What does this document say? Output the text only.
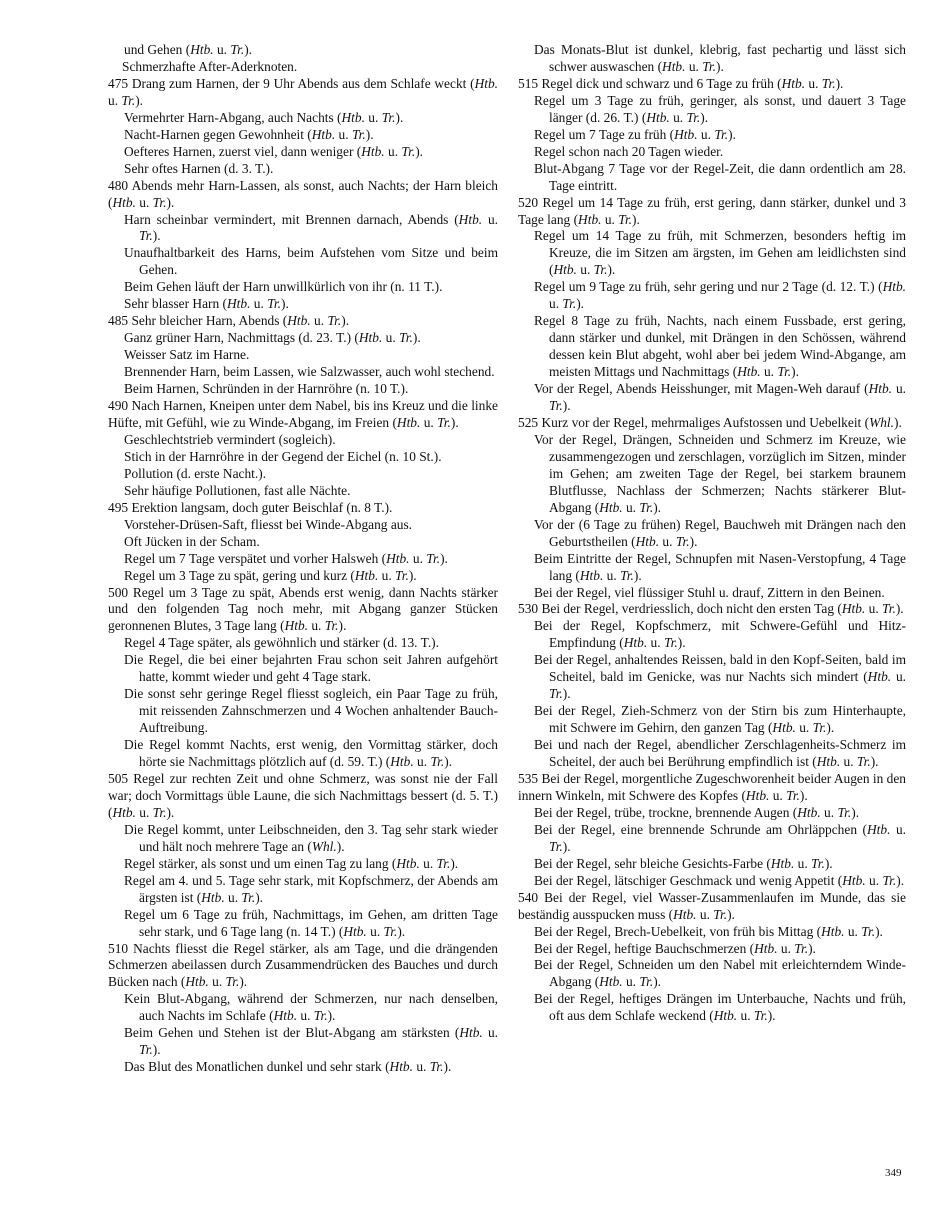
und Gehen (Htb. u. Tr.).
Schmerzhafte After-Aderknoten.
475 Drang zum Harnen, der 9 Uhr Abends aus dem Schlafe weckt (Htb. u. Tr.).
Vermehrter Harn-Abgang, auch Nachts (Htb. u. Tr.).
Nacht-Harnen gegen Gewohnheit (Htb. u. Tr.).
Oefteres Harnen, zuerst viel, dann weniger (Htb. u. Tr.).
Sehr oftes Harnen (d. 3. T.).
480 Abends mehr Harn-Lassen, als sonst, auch Nachts; der Harn bleich (Htb. u. Tr.).
Harn scheinbar vermindert, mit Brennen darnach, Abends (Htb. u. Tr.).
Unaufhaltbarkeit des Harns, beim Aufstehen vom Sitze und beim Gehen.
Beim Gehen läuft der Harn unwillkürlich von ihr (n. 11 T.).
Sehr blasser Harn (Htb. u. Tr.).
485 Sehr bleicher Harn, Abends (Htb. u. Tr.).
Ganz grüner Harn, Nachmittags (d. 23. T.) (Htb. u. Tr.).
Weisser Satz im Harne.
Brennender Harn, beim Lassen, wie Salzwasser, auch wohl stechend.
Beim Harnen, Schründen in der Harnröhre (n. 10 T.).
490 Nach Harnen, Kneipen unter dem Nabel, bis ins Kreuz und die linke Hüfte, mit Gefühl, wie zu Winde-Abgang, im Freien (Htb. u. Tr.).
Geschlechtstrieb vermindert (sogleich).
Stich in der Harnröhre in der Gegend der Eichel (n. 10 St.).
Pollution (d. erste Nacht.).
Sehr häufige Pollutionen, fast alle Nächte.
495 Erektion langsam, doch guter Beischlaf (n. 8 T.).
Vorsteher-Drüsen-Saft, fliesst bei Winde-Abgang aus.
Oft Jücken in der Scham.
Regel um 7 Tage verspätet und vorher Halsweh (Htb. u. Tr.).
Regel um 3 Tage zu spät, gering und kurz (Htb. u. Tr.).
500 Regel um 3 Tage zu spät, Abends erst wenig, dann Nachts stärker und den folgenden Tag noch mehr, mit Abgang ganzer Stücken geronnenen Blutes, 3 Tage lang (Htb. u. Tr.).
Regel 4 Tage später, als gewöhnlich und stärker (d. 13. T.).
Die Regel, die bei einer bejahrten Frau schon seit Jahren aufgehört hatte, kommt wieder und geht 4 Tage stark.
Die sonst sehr geringe Regel fliesst sogleich, ein Paar Tage zu früh, mit reissenden Zahnschmerzen und 4 Wochen anhaltender Bauch-Auftreibung.
Die Regel kommt Nachts, erst wenig, den Vormittag stärker, doch hörte sie Nachmittags plötzlich auf (d. 59. T.) (Htb. u. Tr.).
505 Regel zur rechten Zeit und ohne Schmerz, was sonst nie der Fall war; doch Vormittags üble Laune, die sich Nachmittags bessert (d. 5. T.) (Htb. u. Tr.).
Die Regel kommt, unter Leibschneiden, den 3. Tag sehr stark wieder und hält noch mehrere Tage an (Whl.).
Regel stärker, als sonst und um einen Tag zu lang (Htb. u. Tr.).
Regel am 4. und 5. Tage sehr stark, mit Kopfschmerz, der Abends am ärgsten ist (Htb. u. Tr.).
Regel um 6 Tage zu früh, Nachmittags, im Gehen, am dritten Tage sehr stark, und 6 Tage lang (n. 14 T.) (Htb. u. Tr.).
510 Nachts fliesst die Regel stärker, als am Tage, und die drängenden Schmerzen abeilassen durch Zusammendrücken des Bauches und durch Bücken nach (Htb. u. Tr.).
Kein Blut-Abgang, während der Schmerzen, nur nach denselben, auch Nachts im Schlafe (Htb. u. Tr.).
Beim Gehen und Stehen ist der Blut-Abgang am stärksten (Htb. u. Tr.).
Das Blut des Monatlichen dunkel und sehr stark (Htb. u. Tr.).
Das Monats-Blut ist dunkel, klebrig, fast pechartig und lässt sich schwer auswaschen (Htb. u. Tr.).
515 Regel dick und schwarz und 6 Tage zu früh (Htb. u. Tr.).
Regel um 3 Tage zu früh, geringer, als sonst, und dauert 3 Tage länger (d. 26. T.) (Htb. u. Tr.).
Regel um 7 Tage zu früh (Htb. u. Tr.).
Regel schon nach 20 Tagen wieder.
Blut-Abgang 7 Tage vor der Regel-Zeit, die dann ordentlich am 28. Tage eintritt.
520 Regel um 14 Tage zu früh, erst gering, dann stärker, dunkel und 3 Tage lang (Htb. u. Tr.).
Regel um 14 Tage zu früh, mit Schmerzen, besonders heftig im Kreuze, die im Sitzen am ärgsten, im Gehen am leidlichsten sind (Htb. u. Tr.).
Regel um 9 Tage zu früh, sehr gering und nur 2 Tage (d. 12. T.) (Htb. u. Tr.).
Regel 8 Tage zu früh, Nachts, nach einem Fussbade, erst gering, dann stärker und dunkel, mit Drängen in den Schössen, während dessen kein Blut abgeht, wohl aber bei jedem Wind-Abgange, am meisten Mittags und Nachmittags (Htb. u. Tr.).
Vor der Regel, Abends Heisshunger, mit Magen-Weh darauf (Htb. u. Tr.).
525 Kurz vor der Regel, mehrmaliges Aufstossen und Uebelkeit (Whl.).
Vor der Regel, Drängen, Schneiden und Schmerz im Kreuze, wie zusammengezogen und zerschlagen, vorzüglich im Sitzen, minder im Gehen; am zweiten Tage der Regel, bei starkem braunem Blutflusse, Nachlass der Schmerzen; Nachts stärkerer Blut-Abgang (Htb. u. Tr.).
Vor der (6 Tage zu frühen) Regel, Bauchweh mit Drängen nach den Geburtstheilen (Htb. u. Tr.).
Beim Eintritte der Regel, Schnupfen mit Nasen-Verstopfung, 4 Tage lang (Htb. u. Tr.).
Bei der Regel, viel flüssiger Stuhl u. drauf, Zittern in den Beinen.
530 Bei der Regel, verdriesslich, doch nicht den ersten Tag (Htb. u. Tr.).
Bei der Regel, Kopfschmerz, mit Schwere-Gefühl und Hitz-Empfindung (Htb. u. Tr.).
Bei der Regel, anhaltendes Reissen, bald in den Kopf-Seiten, bald im Scheitel, bald im Genicke, was nur Nachts sich mindert (Htb. u. Tr.).
Bei der Regel, Zieh-Schmerz von der Stirn bis zum Hinterhaupte, mit Schwere im Gehirn, den ganzen Tag (Htb. u. Tr.).
Bei und nach der Regel, abendlicher Zerschlagenheits-Schmerz im Scheitel, der auch bei Berührung empfindlich ist (Htb. u. Tr.).
535 Bei der Regel, morgentliche Zugeschworenheit beider Augen in den innern Winkeln, mit Schwere des Kopfes (Htb. u. Tr.).
Bei der Regel, trübe, trockne, brennende Augen (Htb. u. Tr.).
Bei der Regel, eine brennende Schrunde am Ohrläppchen (Htb. u. Tr.).
Bei der Regel, sehr bleiche Gesichts-Farbe (Htb. u. Tr.).
Bei der Regel, lätschiger Geschmack und wenig Appetit (Htb. u. Tr.).
540 Bei der Regel, viel Wasser-Zusammenlaufen im Munde, das sie beständig ausspucken muss (Htb. u. Tr.).
Bei der Regel, Brech-Uebelkeit, von früh bis Mittag (Htb. u. Tr.).
Bei der Regel, heftige Bauchschmerzen (Htb. u. Tr.).
Bei der Regel, Schneiden um den Nabel mit erleichterndem Winde-Abgang (Htb. u. Tr.).
Bei der Regel, heftiges Drängen im Unterbauche, Nachts und früh, oft aus dem Schlafe weckend (Htb. u. Tr.).
349
